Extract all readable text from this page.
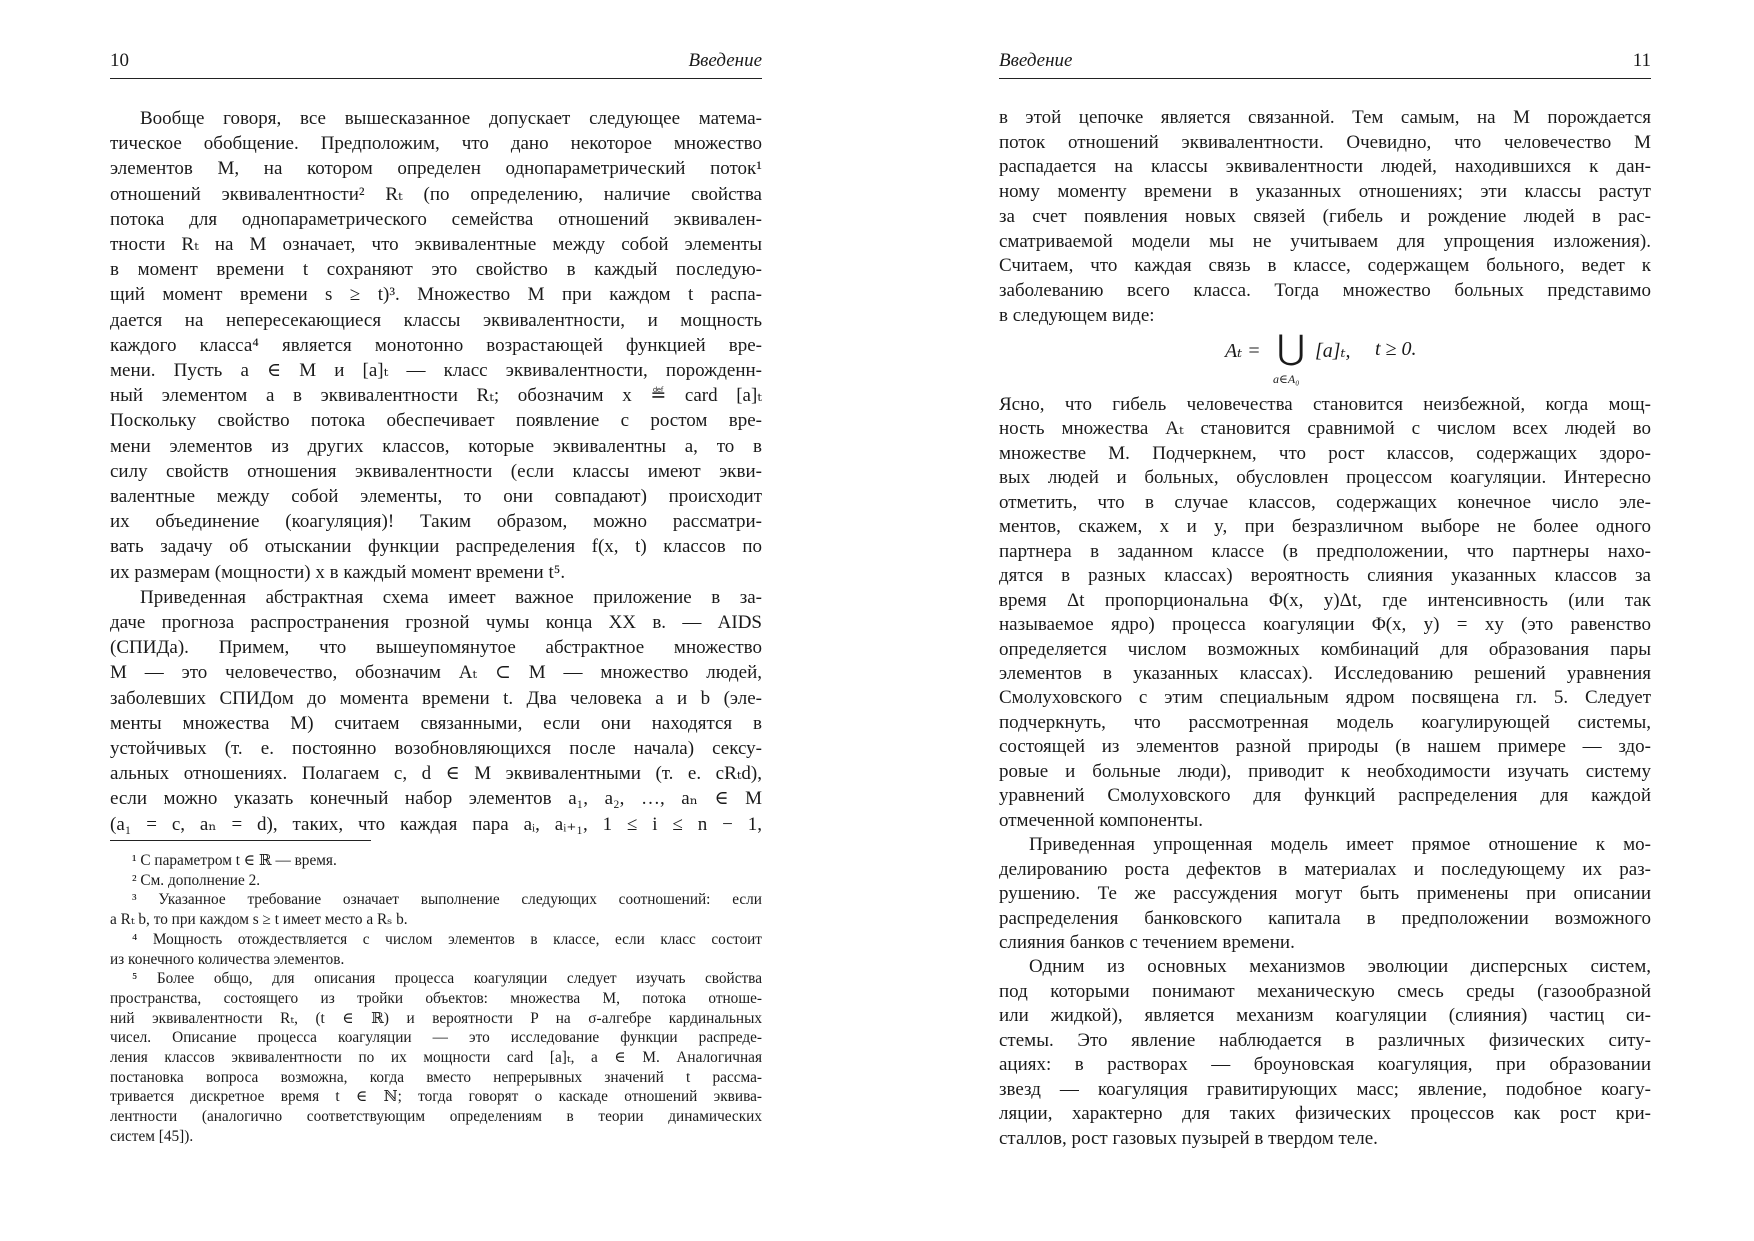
10	Введение
Вообще говоря, все вышесказанное допускает следующее матема-
тическое обобщение. Предположим, что дано некоторое множество
элементов M, на котором определен однопараметрический поток¹
отношений эквивалентности² Rₜ (по определению, наличие свойства
потока для однопараметрического семейства отношений эквивален-
тности Rₜ на M означает, что эквивалентные между собой элементы
в момент времени t сохраняют это свойство в каждый последую-
щий момент времени s ≥ t)³. Множество M при каждом t распа-
дается на непересекающиеся классы эквивалентности, и мощность
каждого класса⁴ является монотонно возрастающей функцией вре-
мени. Пусть a ∈ M и [a]ₜ — класс эквивалентности, порожденн-
ный элементом a в эквивалентности Rₜ; обозначим x ≝ card [a]ₜ
Поскольку свойство потока обеспечивает появление с ростом вре-
мени элементов из других классов, которые эквивалентны a, то в
силу свойств отношения эквивалентности (если классы имеют экви-
валентные между собой элементы, то они совпадают) происходит
их объединение (коагуляция)! Таким образом, можно рассматри-
вать задачу об отыскании функции распределения f(x, t) классов по
их размерам (мощности) x в каждый момент времени t⁵.
Приведенная абстрактная схема имеет важное приложение в за-
даче прогноза распространения грозной чумы конца XX в. — AIDS
(СПИДа). Примем, что вышеупомянутое абстрактное множество
M — это человечество, обозначим Aₜ ⊂ M — множество людей,
заболевших СПИДом до момента времени t. Два человека a и b (эле-
менты множества M) считаем связанными, если они находятся в
устойчивых (т. е. постоянно возобновляющихся после начала) сексу-
альных отношениях. Полагаем c, d ∈ M эквивалентными (т. е. cRₜd),
если можно указать конечный набор элементов a₁, a₂, …, aₙ ∈ M
(a₁ = c, aₙ = d), таких, что каждая пара aᵢ, aᵢ₊₁, 1 ≤ i ≤ n − 1,
¹ С параметром t ∈ ℝ — время.
² См. дополнение 2.
³ Указанное требование означает выполнение следующих соотношений: если
a Rₜ b, то при каждом s ≥ t имеет место a Rₛ b.
⁴ Мощность отождествляется с числом элементов в классе, если класс состоит
из конечного количества элементов.
⁵ Более общо, для описания процесса коагуляции следует изучать свойства
пространства, состоящего из тройки объектов: множества M, потока отноше-
ний эквивалентности Rₜ, (t ∈ ℝ) и вероятности P на σ-алгебре кардинальных
чисел. Описание процесса коагуляции — это исследование функции распреде-
ления классов эквивалентности по их мощности card [a]ₜ, a ∈ M. Аналогичная
постановка вопроса возможна, когда вместо непрерывных значений t рассма-
тривается дискретное время t ∈ ℕ; тогда говорят о каскаде отношений эквива-
лентности (аналогично соответствующим определениям в теории динамических
систем [45]).
Введение	11
в этой цепочке является связанной. Тем самым, на M порождается
поток отношений эквивалентности. Очевидно, что человечество M
распадается на классы эквивалентности людей, находившихся к дан-
ному моменту времени в указанных отношениях; эти классы растут
за счет появления новых связей (гибель и рождение людей в рас-
сматриваемой модели мы не учитываем для упрощения изложения).
Считаем, что каждая связь в классе, содержащем больного, ведет к
заболеванию всего класса. Тогда множество больных представимо
в следующем виде:
Aₜ = ⋃
a∈A₀
[a]ₜ, t ≥ 0.
Ясно, что гибель человечества становится неизбежной, когда мощ-
ность множества Aₜ становится сравнимой с числом всех людей во
множестве M. Подчеркнем, что рост классов, содержащих здоро-
вых людей и больных, обусловлен процессом коагуляции. Интересно
отметить, что в случае классов, содержащих конечное число эле-
ментов, скажем, x и y, при безразличном выборе не более одного
партнера в заданном классе (в предположении, что партнеры нахо-
дятся в разных классах) вероятность слияния указанных классов за
время Δt пропорциональна Φ(x, y)Δt, где интенсивность (или так
называемое ядро) процесса коагуляции Φ(x, y) = xy (это равенство
определяется числом возможных комбинаций для образования пары
элементов в указанных классах). Исследованию решений уравнения
Смолуховского с этим специальным ядром посвящена гл. 5. Следует
подчеркнуть, что рассмотренная модель коагулирующей системы,
состоящей из элементов разной природы (в нашем примере — здо-
ровые и больные люди), приводит к необходимости изучать систему
уравнений Смолуховского для функций распределения для каждой
отмеченной компоненты.
Приведенная упрощенная модель имеет прямое отношение к мо-
делированию роста дефектов в материалах и последующему их раз-
рушению. Те же рассуждения могут быть применены при описании
распределения банковского капитала в предположении возможного
слияния банков с течением времени.
Одним из основных механизмов эволюции дисперсных систем,
под которыми понимают механическую смесь среды (газообразной
или жидкой), является механизм коагуляции (слияния) частиц си-
стемы. Это явление наблюдается в различных физических ситу-
ациях: в растворах — броуновская коагуляция, при образовании
звезд — коагуляция гравитирующих масс; явление, подобное коагу-
ляции, характерно для таких физических процессов как рост кри-
сталлов, рост газовых пузырей в твердом теле.
